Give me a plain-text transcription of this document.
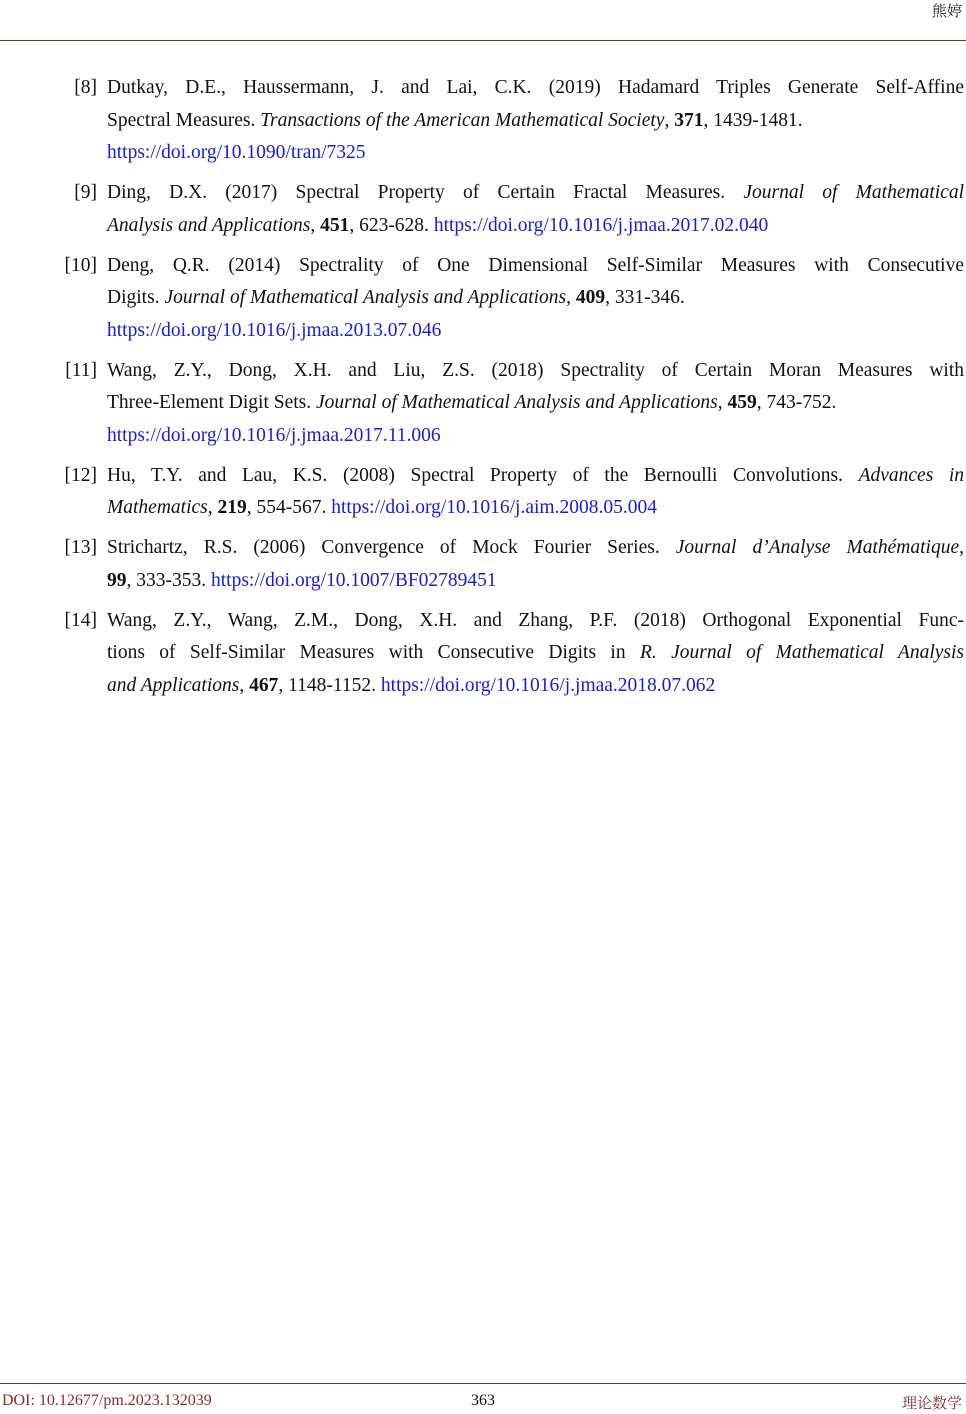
熊婷
[8] Dutkay, D.E., Haussermann, J. and Lai, C.K. (2019) Hadamard Triples Generate Self-Affine
Spectral Measures. Transactions of the American Mathematical Society, 371, 1439-1481.
https://doi.org/10.1090/tran/7325
[9] Ding, D.X. (2017) Spectral Property of Certain Fractal Measures. Journal of Mathematical
Analysis and Applications, 451, 623-628. https://doi.org/10.1016/j.jmaa.2017.02.040
[10] Deng, Q.R. (2014) Spectrality of One Dimensional Self-Similar Measures with Consecutive
Digits. Journal of Mathematical Analysis and Applications, 409, 331-346.
https://doi.org/10.1016/j.jmaa.2013.07.046
[11] Wang, Z.Y., Dong, X.H. and Liu, Z.S. (2018) Spectrality of Certain Moran Measures with
Three-Element Digit Sets. Journal of Mathematical Analysis and Applications, 459, 743-752.
https://doi.org/10.1016/j.jmaa.2017.11.006
[12] Hu, T.Y. and Lau, K.S. (2008) Spectral Property of the Bernoulli Convolutions. Advances in
Mathematics, 219, 554-567. https://doi.org/10.1016/j.aim.2008.05.004
[13] Strichartz, R.S. (2006) Convergence of Mock Fourier Series. Journal d’Analyse Mathématique,
99, 333-353. https://doi.org/10.1007/BF02789451
[14] Wang, Z.Y., Wang, Z.M., Dong, X.H. and Zhang, P.F. (2018) Orthogonal Exponential Func-
tions of Self-Similar Measures with Consecutive Digits in R. Journal of Mathematical Analysis
and Applications, 467, 1148-1152. https://doi.org/10.1016/j.jmaa.2018.07.062
DOI: 10.12677/pm.2023.132039	363	理论数学
